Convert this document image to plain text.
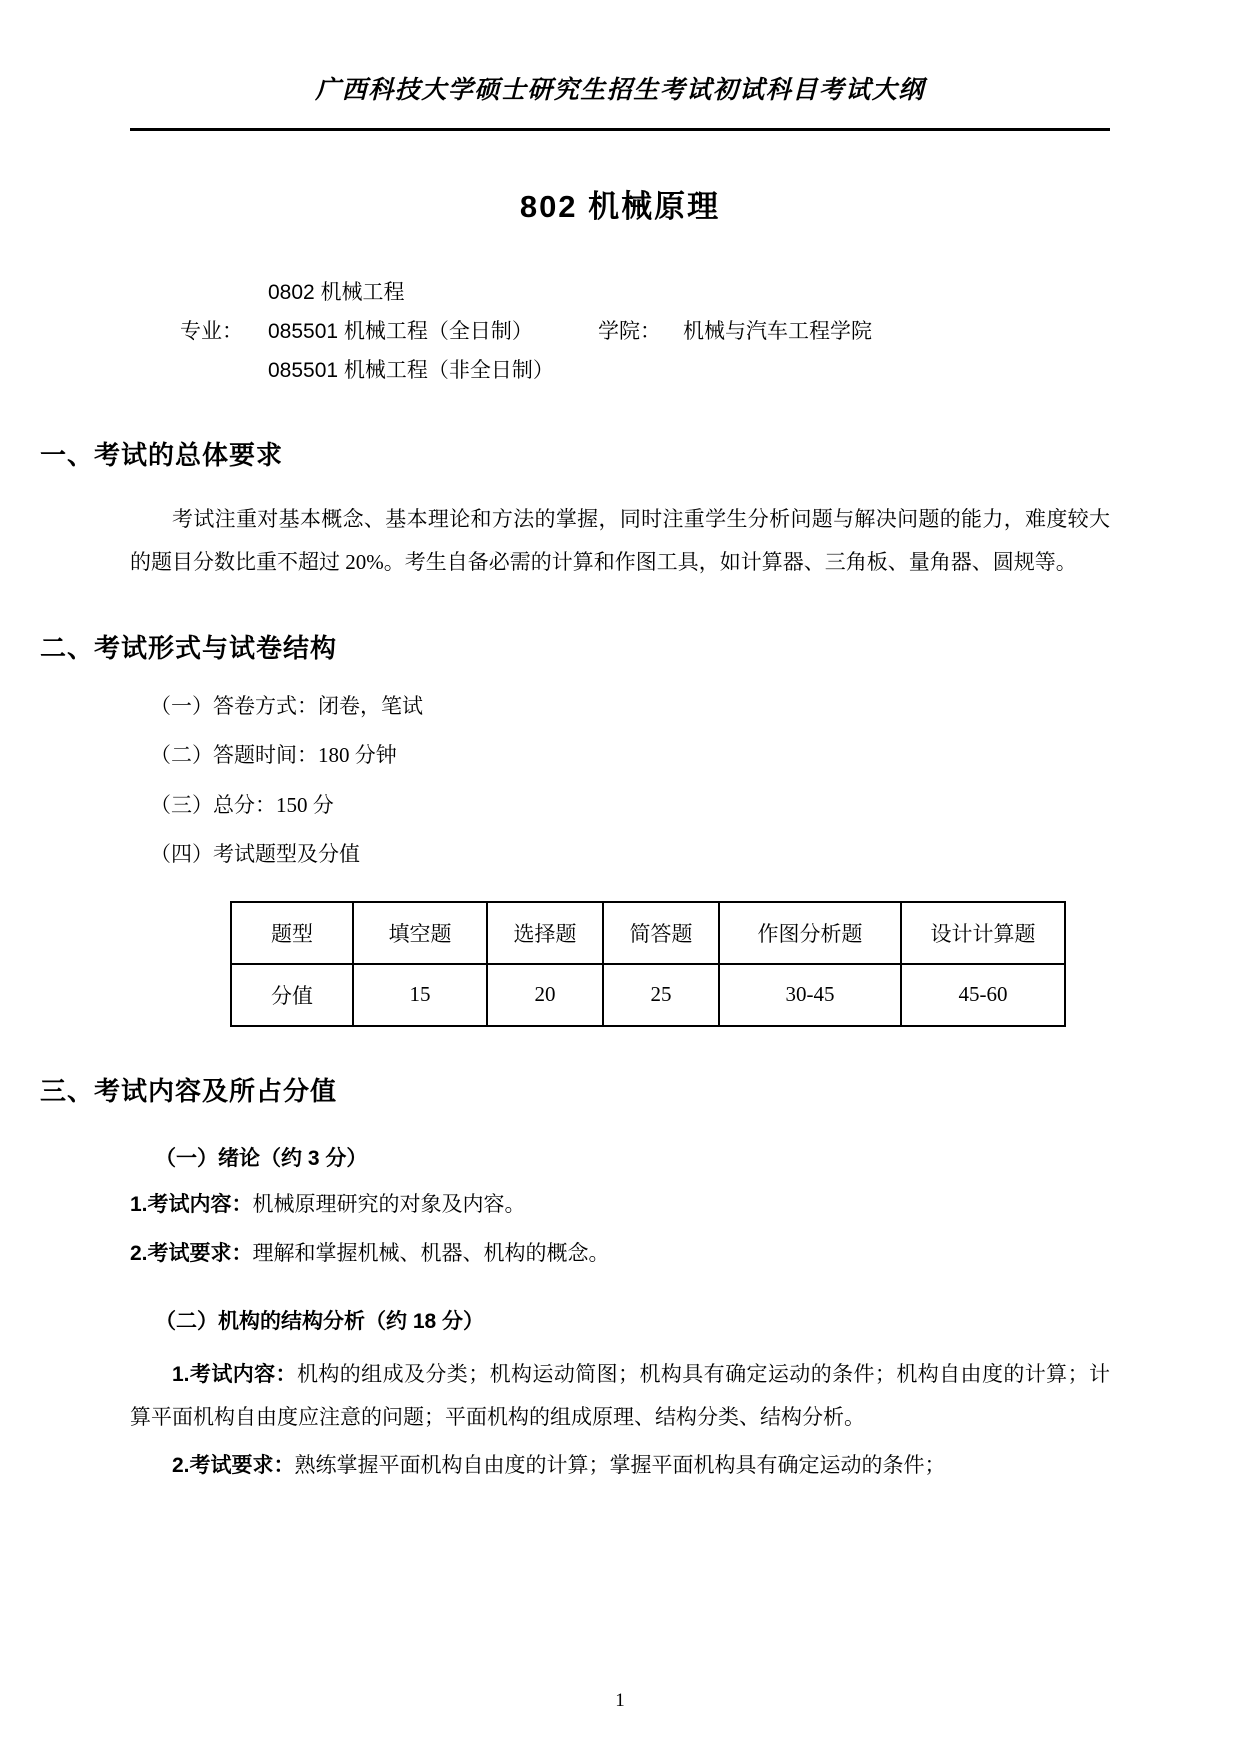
广西科技大学硕士研究生招生考试初试科目考试大纲
802 机械原理
0802 机械工程
专业：	085501 机械工程（全日制）	学院： 机械与汽车工程学院
085501 机械工程（非全日制）
一、考试的总体要求
考试注重对基本概念、基本理论和方法的掌握，同时注重学生分析问题与解决问题的能力，难度较大的题目分数比重不超过 20%。考生自备必需的计算和作图工具，如计算器、三角板、量角器、圆规等。
二、考试形式与试卷结构
（一）答卷方式：闭卷，笔试
（二）答题时间：180 分钟
（三）总分：150 分
（四）考试题型及分值
题型	填空题	选择题	简答题	作图分析题	设计计算题
分值	15	20	25	30-45	45-60
三、考试内容及所占分值
（一）绪论（约 3 分）
1.考试内容：机械原理研究的对象及内容。
2.考试要求：理解和掌握机械、机器、机构的概念。
（二）机构的结构分析（约 18 分）
1.考试内容：机构的组成及分类；机构运动简图；机构具有确定运动的条件；机构自由度的计算；计算平面机构自由度应注意的问题；平面机构的组成原理、结构分类、结构分析。
2.考试要求：熟练掌握平面机构自由度的计算；掌握平面机构具有确定运动的条件；
1
